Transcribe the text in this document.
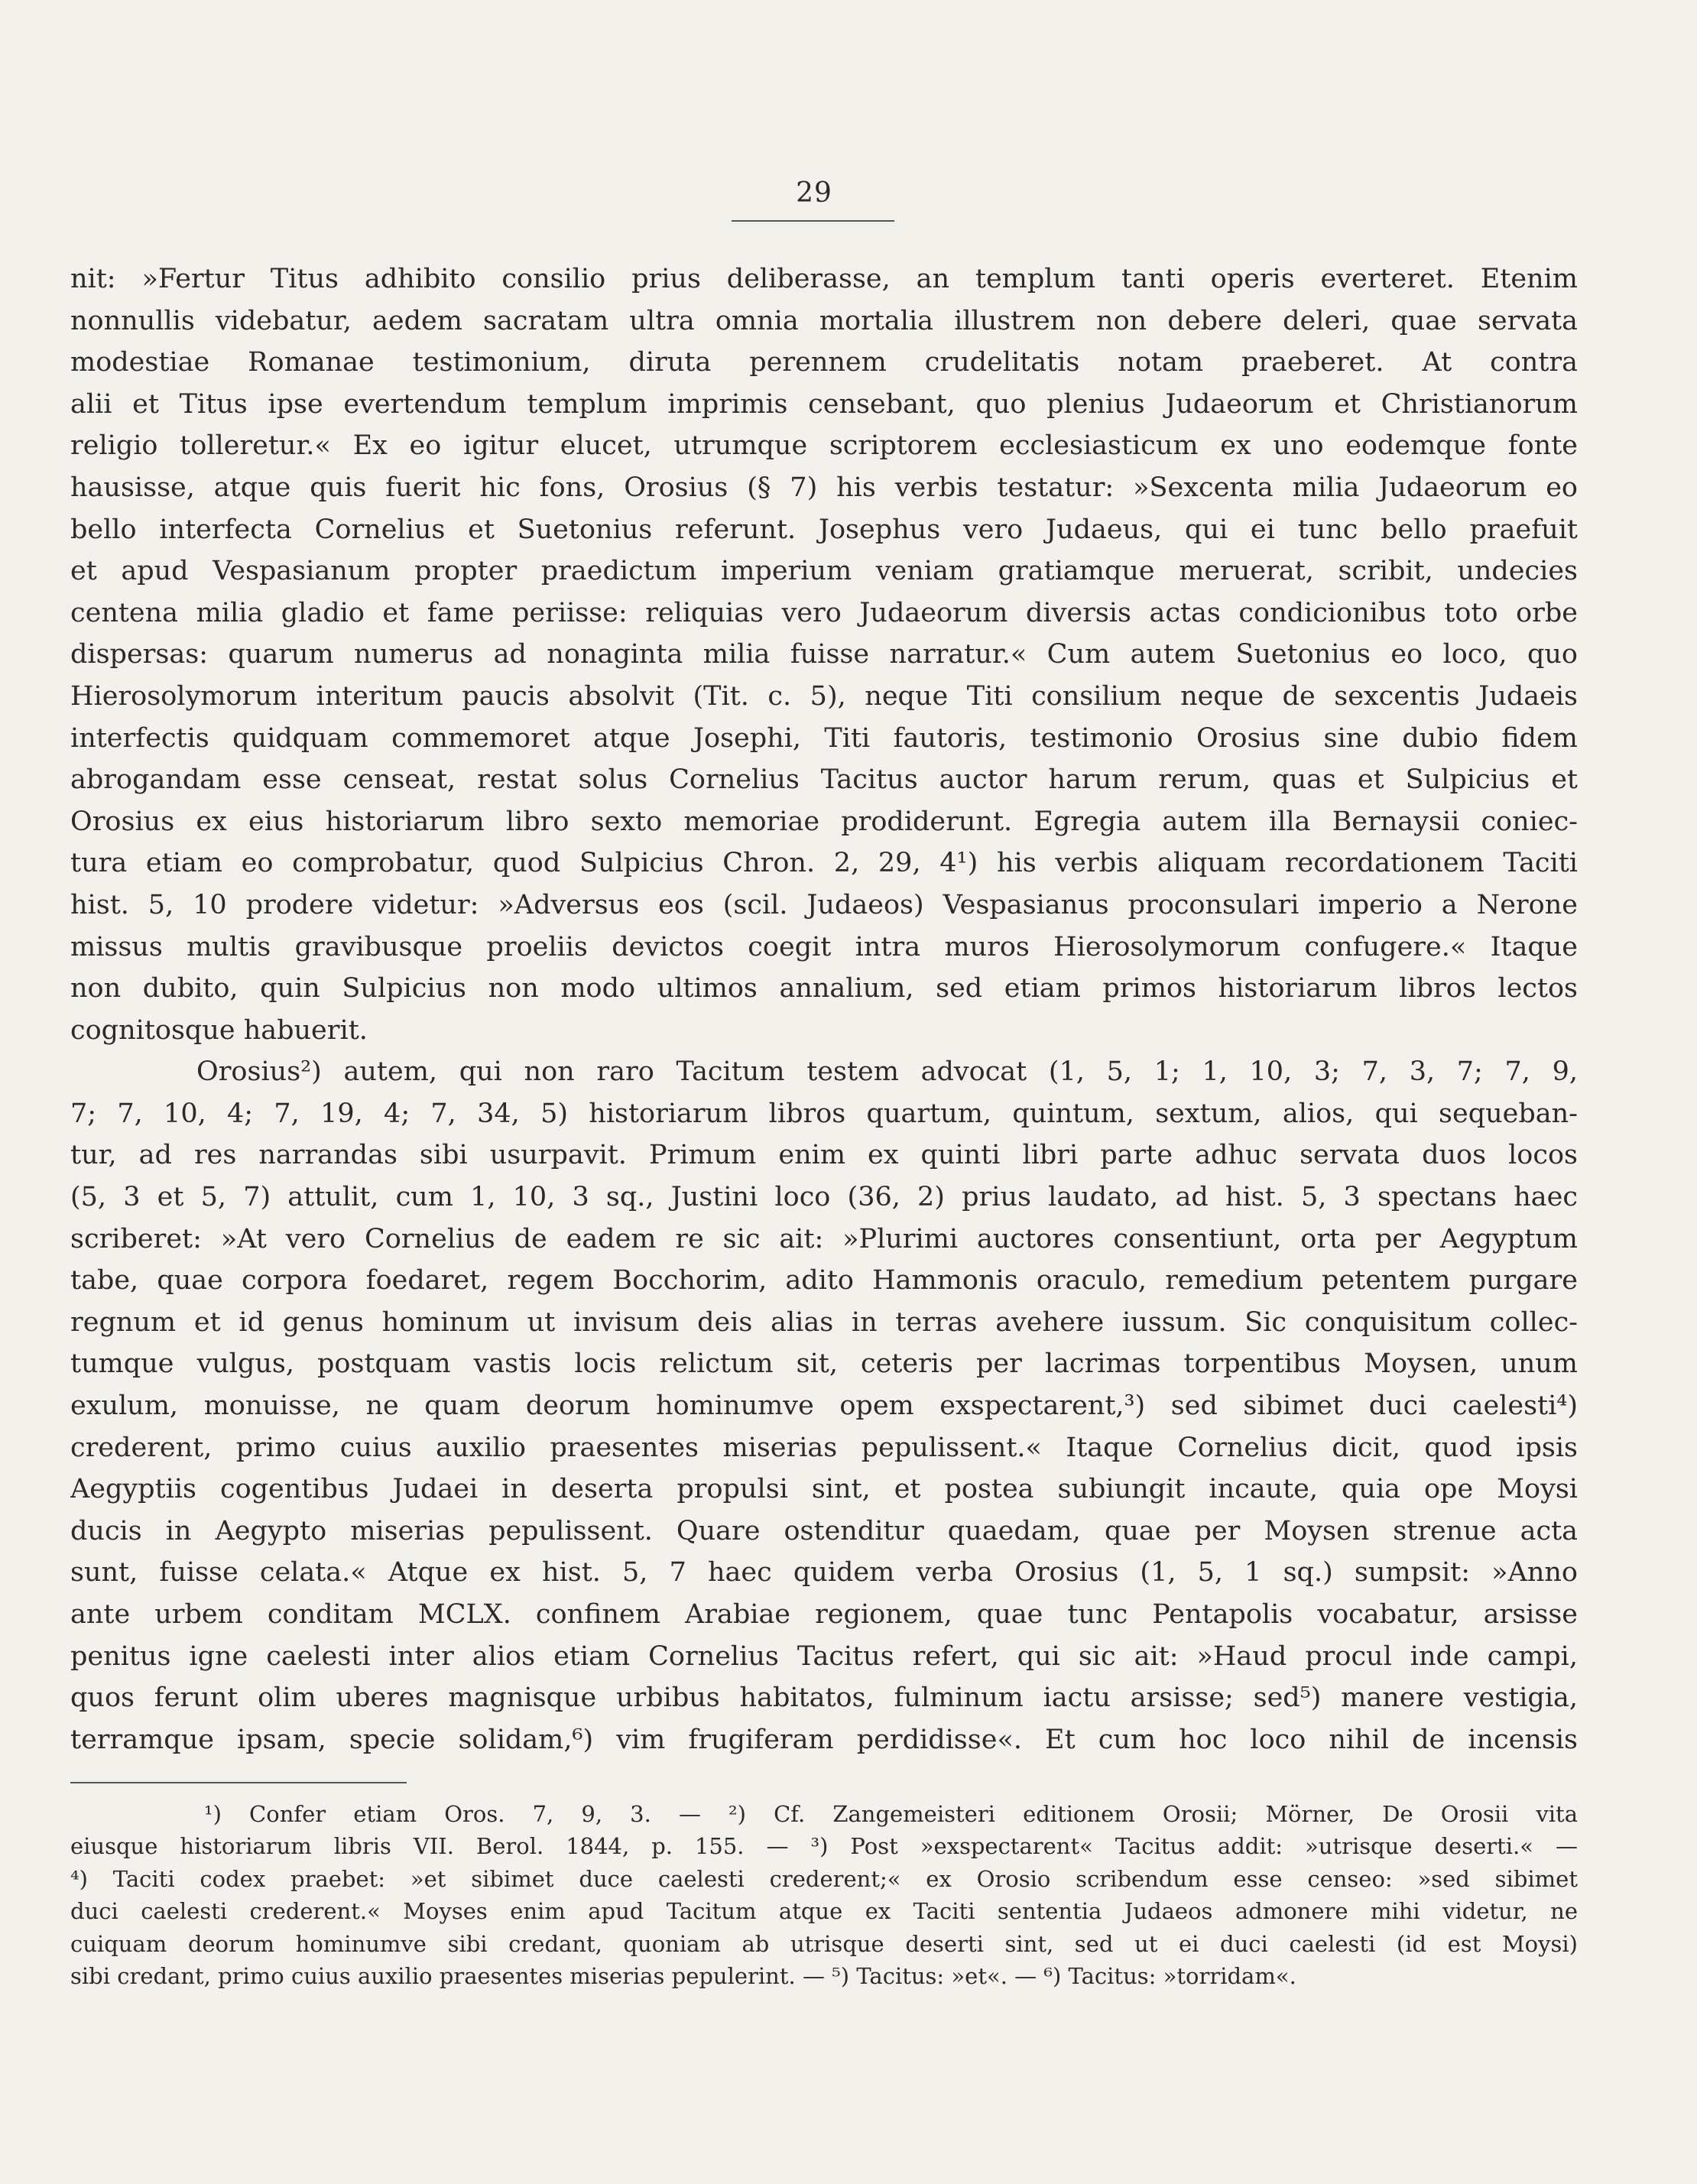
29
nit: »Fertur Titus adhibito consilio prius deliberasse, an templum tanti operis everteret. Etenim
nonnullis videbatur, aedem sacratam ultra omnia mortalia illustrem non debere deleri, quae servata
modestiae Romanae testimonium, diruta perennem crudelitatis notam praeberet. At contra
alii et Titus ipse evertendum templum imprimis censebant, quo plenius Judaeorum et Christianorum
religio tolleretur.« Ex eo igitur elucet, utrumque scriptorem ecclesiasticum ex uno eodemque fonte
hausisse, atque quis fuerit hic fons, Orosius (§ 7) his verbis testatur: »Sexcenta milia Judaeorum eo
bello interfecta Cornelius et Suetonius referunt. Josephus vero Judaeus, qui ei tunc bello praefuit
et apud Vespasianum propter praedictum imperium veniam gratiamque meruerat, scribit, undecies
centena milia gladio et fame periisse: reliquias vero Judaeorum diversis actas condicionibus toto orbe
dispersas: quarum numerus ad nonaginta milia fuisse narratur.« Cum autem Suetonius eo loco, quo
Hierosolymorum interitum paucis absolvit (Tit. c. 5), neque Titi consilium neque de sexcentis Judaeis
interfectis quidquam commemoret atque Josephi, Titi fautoris, testimonio Orosius sine dubio fidem
abrogandam esse censeat, restat solus Cornelius Tacitus auctor harum rerum, quas et Sulpicius et
Orosius ex eius historiarum libro sexto memoriae prodiderunt. Egregia autem illa Bernaysii coniec-
tura etiam eo comprobatur, quod Sulpicius Chron. 2, 29, 4¹) his verbis aliquam recordationem Taciti
hist. 5, 10 prodere videtur: »Adversus eos (scil. Judaeos) Vespasianus proconsulari imperio a Nerone
missus multis gravibusque proeliis devictos coegit intra muros Hierosolymorum confugere.« Itaque
non dubito, quin Sulpicius non modo ultimos annalium, sed etiam primos historiarum libros lectos
cognitosque habuerit.
Orosius²) autem, qui non raro Tacitum testem advocat (1, 5, 1; 1, 10, 3; 7, 3, 7; 7, 9,
7; 7, 10, 4; 7, 19, 4; 7, 34, 5) historiarum libros quartum, quintum, sextum, alios, qui sequeban-
tur, ad res narrandas sibi usurpavit. Primum enim ex quinti libri parte adhuc servata duos locos
(5, 3 et 5, 7) attulit, cum 1, 10, 3 sq., Justini loco (36, 2) prius laudato, ad hist. 5, 3 spectans haec
scriberet: »At vero Cornelius de eadem re sic ait: »Plurimi auctores consentiunt, orta per Aegyptum
tabe, quae corpora foedaret, regem Bocchorim, adito Hammonis oraculo, remedium petentem purgare
regnum et id genus hominum ut invisum deis alias in terras avehere iussum. Sic conquisitum collec-
tumque vulgus, postquam vastis locis relictum sit, ceteris per lacrimas torpentibus Moysen, unum
exulum, monuisse, ne quam deorum hominumve opem exspectarent,³) sed sibimet duci caelesti⁴)
crederent, primo cuius auxilio praesentes miserias pepulissent.« Itaque Cornelius dicit, quod ipsis
Aegyptiis cogentibus Judaei in deserta propulsi sint, et postea subiungit incaute, quia ope Moysi
ducis in Aegypto miserias pepulissent. Quare ostenditur quaedam, quae per Moysen strenue acta
sunt, fuisse celata.« Atque ex hist. 5, 7 haec quidem verba Orosius (1, 5, 1 sq.) sumpsit: »Anno
ante urbem conditam MCLX. confinem Arabiae regionem, quae tunc Pentapolis vocabatur, arsisse
penitus igne caelesti inter alios etiam Cornelius Tacitus refert, qui sic ait: »Haud procul inde campi,
quos ferunt olim uberes magnisque urbibus habitatos, fulminum iactu arsisse; sed⁵) manere vestigia,
terramque ipsam, specie solidam,⁶) vim frugiferam perdidisse«. Et cum hoc loco nihil de incensis
¹) Confer etiam Oros. 7, 9, 3. — ²) Cf. Zangemeisteri editionem Orosii; Mörner, De Orosii vita
eiusque historiarum libris VII. Berol. 1844, p. 155. — ³) Post »exspectarent« Tacitus addit: »utrisque deserti.« —
⁴) Taciti codex praebet: »et sibimet duce caelesti crederent;« ex Orosio scribendum esse censeo: »sed sibimet
duci caelesti crederent.« Moyses enim apud Tacitum atque ex Taciti sententia Judaeos admonere mihi videtur, ne
cuiquam deorum hominumve sibi credant, quoniam ab utrisque deserti sint, sed ut ei duci caelesti (id est Moysi)
sibi credant, primo cuius auxilio praesentes miserias pepulerint. — ⁵) Tacitus: »et«. — ⁶) Tacitus: »torridam«.
